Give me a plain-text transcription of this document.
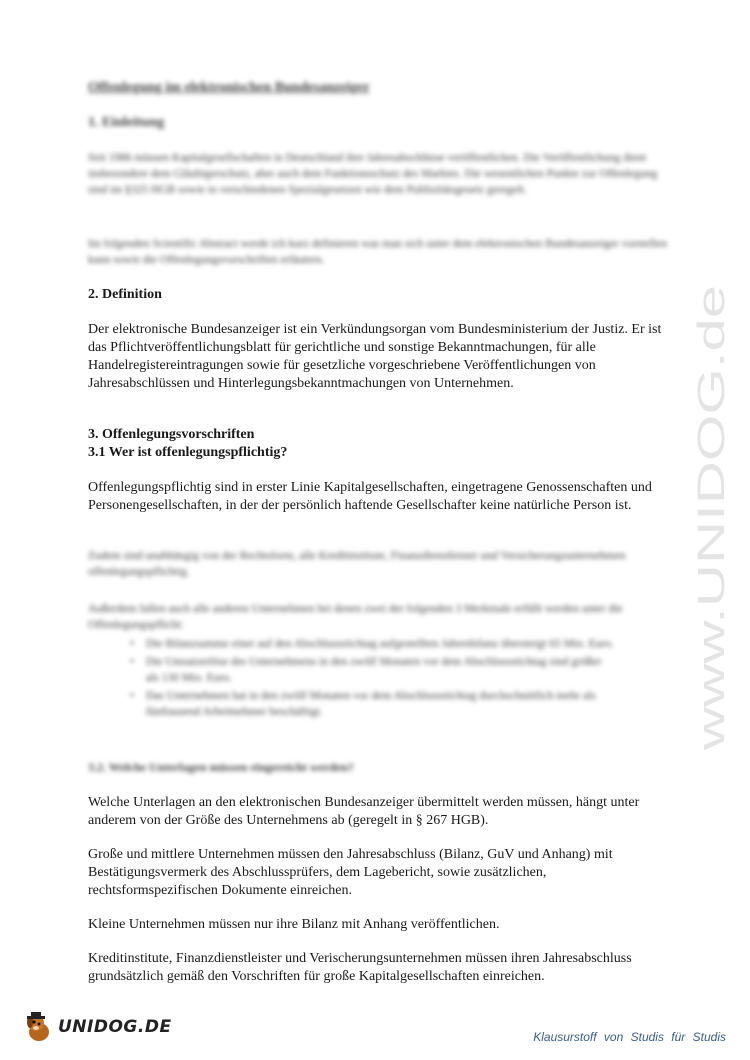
Offenlegung im elektronischen Bundesanzeiger
1. Einleitung

Seit 1986 müssen Kapitalgesellschaften in Deutschland ihre Jahresabschlüsse veröffentlichen. Die Veröffentlichung dient insbesondere dem Gläubigerschutz, aber auch dem Funktionsschutz des Marktes. Die wesentlichen Punkte zur Offenlegung sind im §325 HGB sowie in verschiedenen Spezialgesetzen wie dem Publizitätsgesetz geregelt.

Im folgenden Scientific Abstract werde ich kurz definieren was man sich unter dem elektronischen Bundesanzeiger vorstellen kann sowie die Offenlegungsvorschriften erläutern.

2. Definition

Der elektronische Bundesanzeiger ist ein Verkündungsorgan vom Bundesministerium der Justiz. Er ist das Pflichtveröffentlichungsblatt für gerichtliche und sonstige Bekanntmachungen, für alle Handelregistereintragungen sowie für gesetzliche vorgeschriebene Veröffentlichungen von Jahresabschlüssen und Hinterlegungsbekanntmachungen von Unternehmen.

3. Offenlegungsvorschriften
3.1 Wer ist offenlegungspflichtig?

Offenlegungspflichtig sind in erster Linie Kapitalgesellschaften, eingetragene Genossenschaften und Personengesellschaften, in der der persönlich haftende Gesellschafter keine natürliche Person ist.

Zudem sind unabhängig von der Rechtsform, alle Kreditinstitute, Finanzdienstleister und Versicherungsunternehmen offenlegungspflichtig.

Außerdem fallen auch alle anderen Unternehmen bei denen zwei der folgenden 3 Merkmale erfüllt werden unter die Offenlegungspflicht:

• Die Bilanzsumme einer auf den Abschlussstichtag aufgestellten Jahresbilanz übersteigt 65 Mio. Euro.
• Die Umsatzerlöse des Unternehmens in den zwölf Monaten vor dem Abschlussstichtag sind größer als 130 Mio. Euro.
• Das Unternehmen hat in den zwölf Monaten vor dem Abschlussstichtag durchschnittlich mehr als fünftausend Arbeitnehmer beschäftigt.
3.2. Welche Unterlagen müssen eingereicht werden?

Welche Unterlagen an den elektronischen Bundesanzeiger übermittelt werden müssen, hängt unter anderem von der Größe des Unternehmens ab (geregelt in § 267 HGB).

Große und mittlere Unternehmen müssen den Jahresabschluss (Bilanz, GuV und Anhang) mit Bestätigungsvermerk des Abschlussprüfers, dem Lagebericht, sowie zusätzlichen, rechtsformspezifischen Dokumente einreichen.

Kleine Unternehmen müssen nur ihre Bilanz mit Anhang veröffentlichen.

Kreditinstitute, Finanzdienstleister und Verischerungsunternehmen müssen ihren Jahresabschluss grundsätzlich gemäß den Vorschriften für große Kapitalgesellschaften einreichen.

www.UNIDOG.de
UNIDOG.DE	Klausurstoff von Studis für Studis
